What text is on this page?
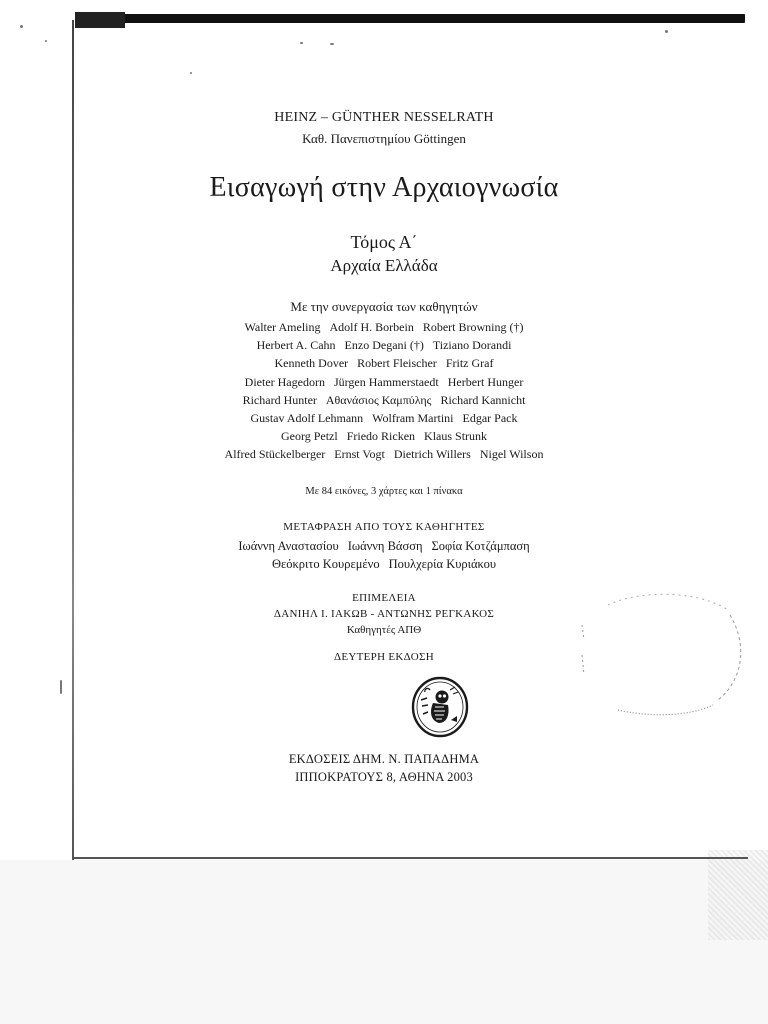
HEINZ – GÜNTHER NESSELRATH
Καθ. Πανεπιστημίου Göttingen
Εισαγωγή στην Αρχαιογνωσία
Τόμος Α΄
Αρχαία Ελλάδα
Με την συνεργασία των καθηγητών
Walter Ameling Adolf H. Borbein Robert Browning (†)
Herbert A. Cahn Enzo Degani (†) Tiziano Dorandi
Kenneth Dover Robert Fleischer Fritz Graf
Dieter Hagedorn Jürgen Hammerstaedt Herbert Hunger
Richard Hunter Αθανάσιος Καμπύλης Richard Kannicht
Gustav Adolf Lehmann Wolfram Martini Edgar Pack
Georg Petzl Friedo Ricken Klaus Strunk
Alfred Stückelberger Ernst Vogt Dietrich Willers Nigel Wilson
Με 84 εικόνες, 3 χάρτες και 1 πίνακα
ΜΕΤΑΦΡΑΣΗ ΑΠΟ ΤΟΥΣ ΚΑΘΗΓΗΤΕΣ
Ιωάννη Αναστασίου Ιωάννη Βάσση Σοφία Κοτζάμπαση
Θεόκριτο Κουρεμένο Πουλχερία Κυριάκου
ΕΠΙΜΕΛΕΙΑ
ΔΑΝΙΗΛ Ι. ΙΑΚΩΒ - ΑΝΤΩΝΗΣ ΡΕΓΚΑΚΟΣ
Καθηγητές ΑΠΘ
ΔΕΥΤΕΡΗ ΕΚΔΟΣΗ
ΕΚΔΟΣΕΙΣ ΔΗΜ. Ν. ΠΑΠΑΔΗΜΑ
ΙΠΠΟΚΡΑΤΟΥΣ 8, ΑΘΗΝΑ 2003
